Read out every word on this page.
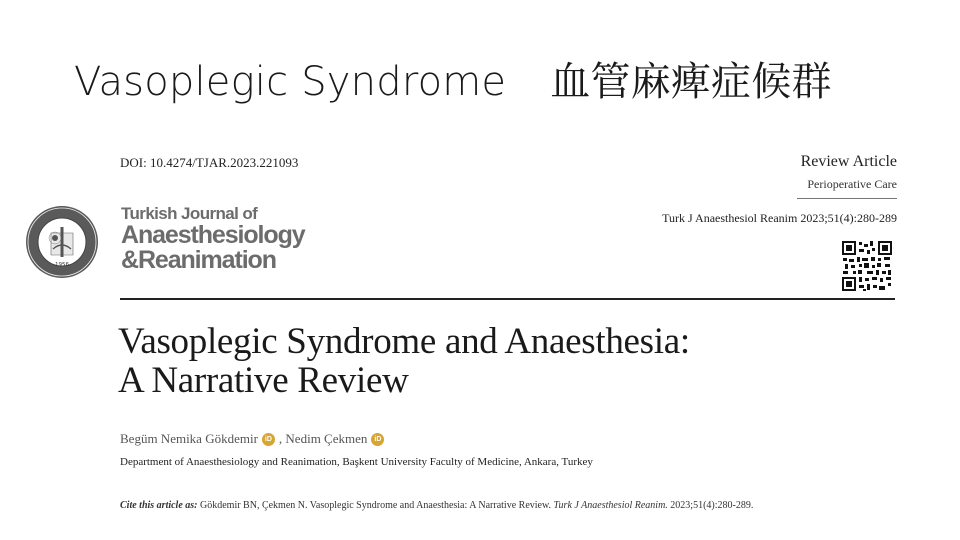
Vasoplegic Syndrome 血管麻痺症候群
DOI: 10.4274/TJAR.2023.221093	Review Article
Perioperative Care
Turk J Anaesthesiol Reanim 2023;51(4):280-289
1956
Turkish Journal of
Anaesthesiology
&Reanimation
Vasoplegic Syndrome and Anaesthesia:
A Narrative Review
Begüm Nemika Gökdemir iD , Nedim Çekmen iD
Department of Anaesthesiology and Reanimation, Başkent University Faculty of Medicine, Ankara, Turkey
Cite this article as: Gökdemir BN, Çekmen N. Vasoplegic Syndrome and Anaesthesia: A Narrative Review. Turk J Anaesthesiol Reanim. 2023;51(4):280-289.
